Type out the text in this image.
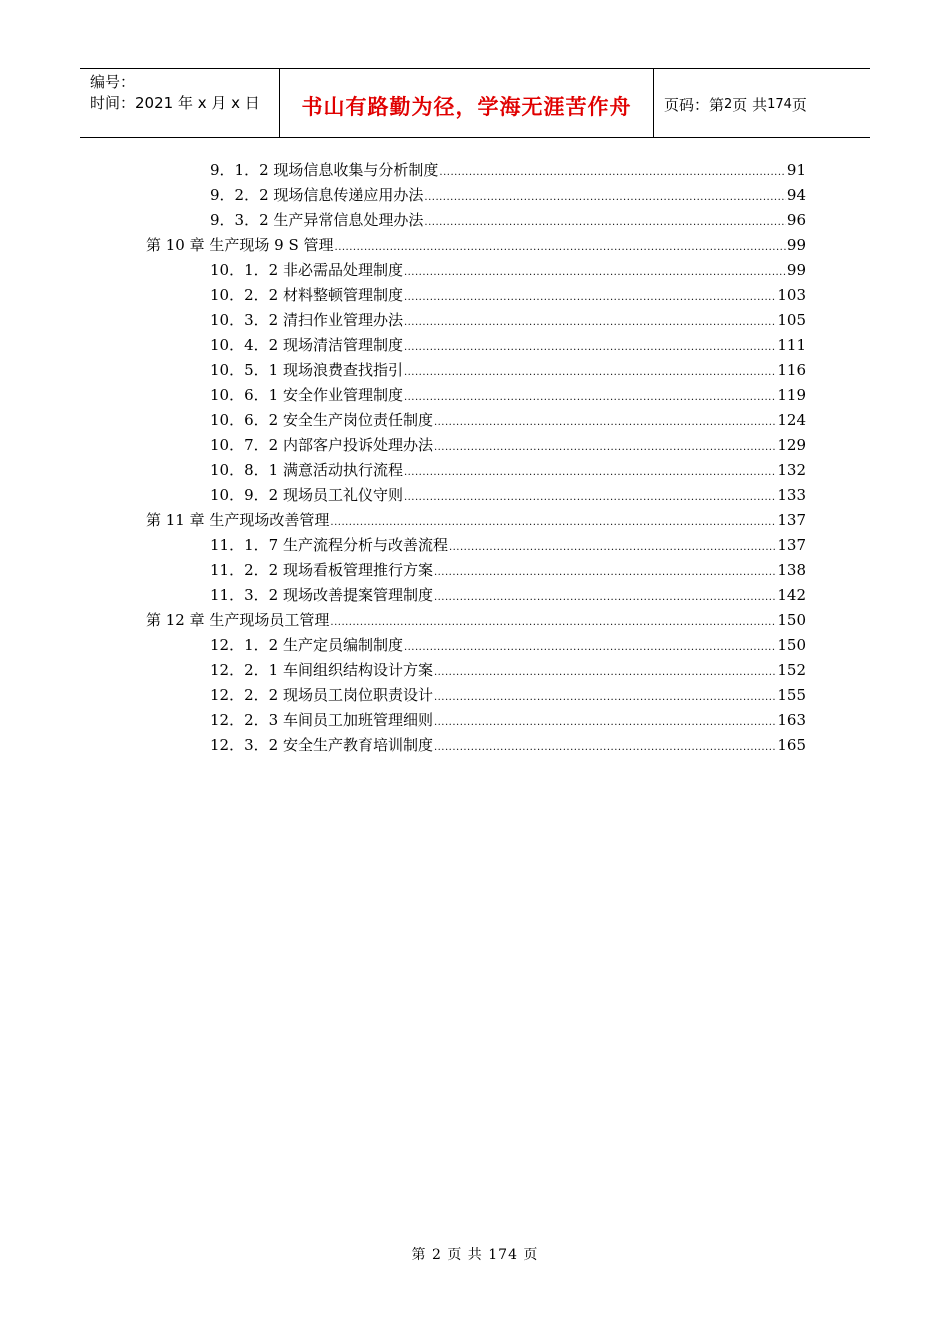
编号：
时间：2021 年 x 月 x 日	书山有路勤为径，学海无涯苦作舟 页码：第 2 页 共 174 页
9．1．2 现场信息收集与分析制度 .....	91
9．2．2 现场信息传递应用办法 .....	94
9．3．2 生产异常信息处理办法 .....	96
第 10 章 生产现场 9 S 管理 .....	99
10．1．2 非必需品处理制度 .....	99
10．2．2 材料整顿管理制度 .....	103
10．3．2 清扫作业管理办法 .....	105
10．4．2 现场清洁管理制度 .....	111
10．5．1 现场浪费查找指引 .....	116
10．6．1 安全作业管理制度 .....	119
10．6．2 安全生产岗位责任制度 .....	124
10．7．2 内部客户投诉处理办法 .....	129
10．8．1 满意活动执行流程 .....	132
10．9．2 现场员工礼仪守则 .....	133
第 11 章 生产现场改善管理 .....	137
11．1．7 生产流程分析与改善流程 .....	137
11．2．2 现场看板管理推行方案 .....	138
11．3．2 现场改善提案管理制度 .....	142
第 12 章 生产现场员工管理 .....	150
12．1．2 生产定员编制制度 .....	150
12．2．1 车间组织结构设计方案 .....	152
12．2．2 现场员工岗位职责设计 .....	155
12．2．3 车间员工加班管理细则 .....	163
12．3．2 安全生产教育培训制度 .....	165
第 2 页 共 174 页
